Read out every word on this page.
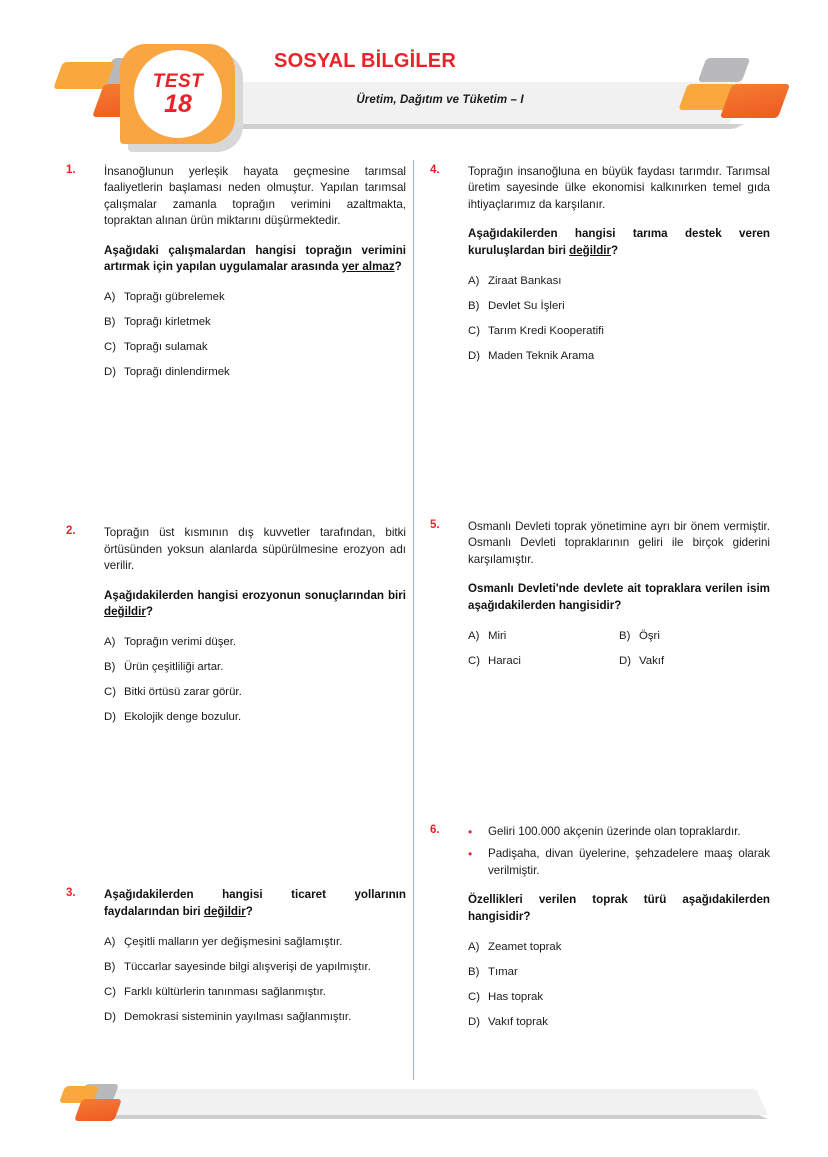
TEST
18
SOSYAL BİLGİLER
Üretim, Dağıtım ve Tüketim – I
1.	İnsanoğlunun yerleşik hayata geçmesine tarımsal faaliyetlerin başlaması neden olmuştur. Yapılan tarımsal çalışmalar zamanla toprağın verimini azaltmakta, topraktan alınan ürün miktarını düşürmektedir.
Aşağıdaki çalışmalardan hangisi toprağın verimini artırmak için yapılan uygulamalar arasında yer almaz?
A) Toprağı gübrelemek
B) Toprağı kirletmek
C) Toprağı sulamak
D) Toprağı dinlendirmek
2.	Toprağın üst kısmının dış kuvvetler tarafından, bitki örtüsünden yoksun alanlarda süpürülmesine erozyon adı verilir.
Aşağıdakilerden hangisi erozyonun sonuçlarından biri değildir?
A) Toprağın verimi düşer.
B) Ürün çeşitliliği artar.
C) Bitki örtüsü zarar görür.
D) Ekolojik denge bozulur.
3.	Aşağıdakilerden hangisi ticaret yollarının faydalarından biri değildir?
A) Çeşitli malların yer değişmesini sağlamıştır.
B) Tüccarlar sayesinde bilgi alışverişi de yapılmıştır.
C) Farklı kültürlerin tanınması sağlanmıştır.
D) Demokrasi sisteminin yayılması sağlanmıştır.
4.	Toprağın insanoğluna en büyük faydası tarımdır. Tarımsal üretim sayesinde ülke ekonomisi kalkınırken temel gıda ihtiyaçlarımız da karşılanır.
Aşağıdakilerden hangisi tarıma destek veren kuruluşlardan biri değildir?
A) Ziraat Bankası
B) Devlet Su İşleri
C) Tarım Kredi Kooperatifi
D) Maden Teknik Arama
5.	Osmanlı Devleti toprak yönetimine ayrı bir önem vermiştir. Osmanlı Devleti topraklarının geliri ile birçok giderini karşılamıştır.
Osmanlı Devleti'nde devlete ait topraklara verilen isim aşağıdakilerden hangisidir?
A) Miri	B) Öşri
C) Haraci	D) Vakıf
6.	•	Geliri 100.000 akçenin üzerinde olan topraklardır.
•	Padişaha, divan üyelerine, şehzadelere maaş olarak verilmiştir.
Özellikleri verilen toprak türü aşağıdakilerden hangisidir?
A) Zeamet toprak
B) Tımar
C) Has toprak
D) Vakıf toprak
